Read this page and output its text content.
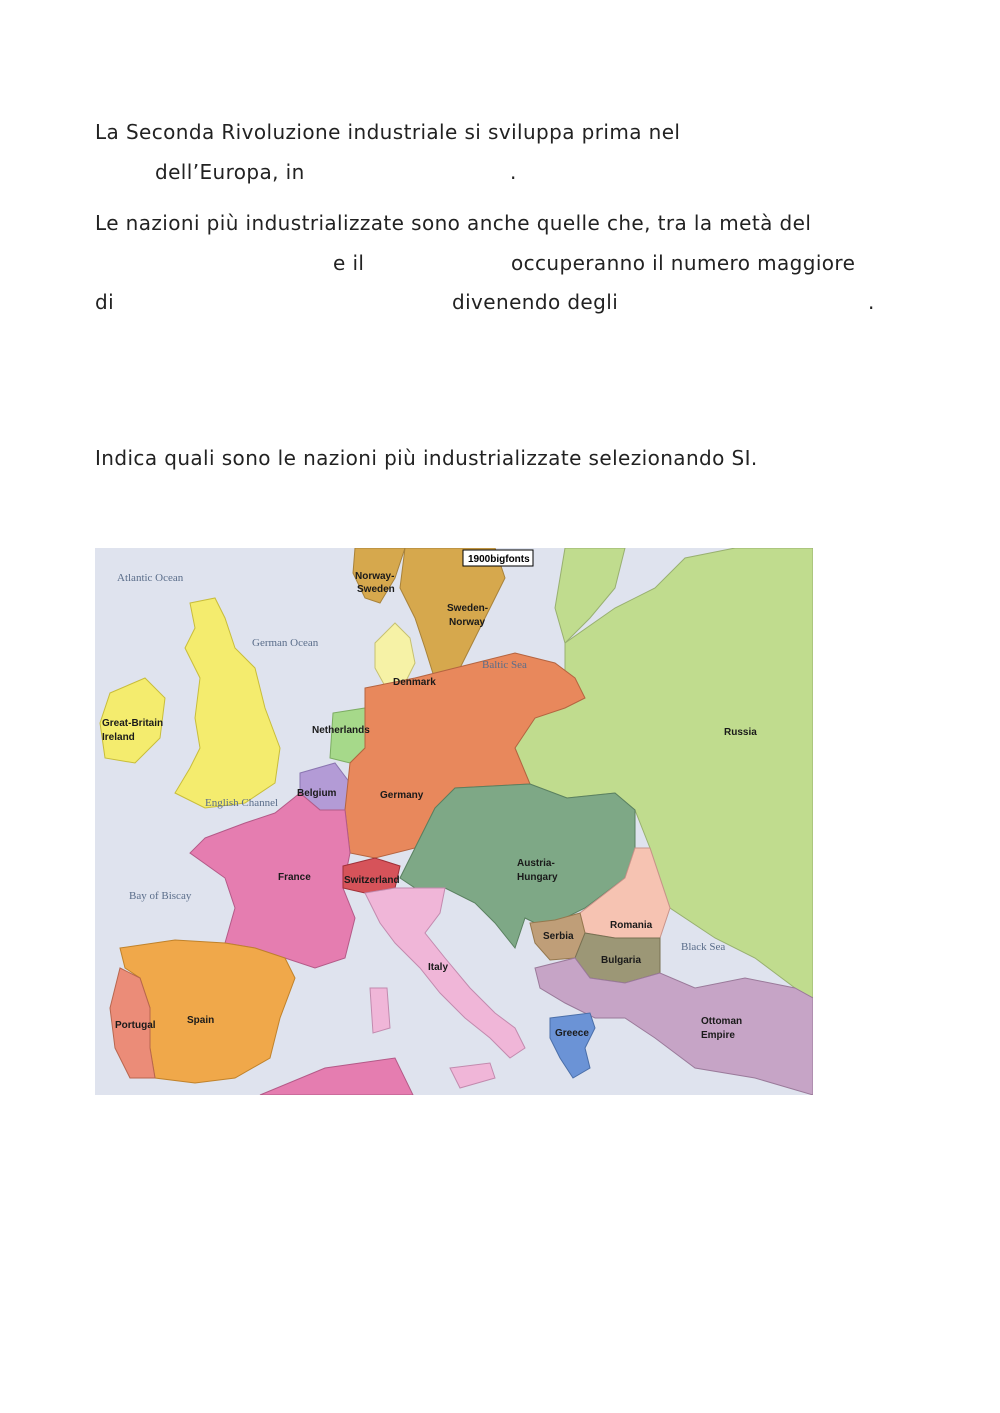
La Seconda Rivoluzione industriale si sviluppa prima nel
dell’Europa, in	.
Le nazioni più industrializzate sono anche quelle che, tra la metà del
e il	occuperanno il numero maggiore
di	divenendo degli	.
Indica quali sono le nazioni più industrializzate selezionando SI.
1900bigfonts
Atlantic Ocean
German Ocean
Baltic Sea
English Channel
Bay of Biscay
Black Sea
Norway-
Sweden
Sweden-
Norway
Denmark
Netherlands
Great-Britain
Ireland
Belgium	Germany
Russia
France	Switzerland
Austria-
Hungary
Romania
Serbia
Bulgaria
Italy
Portugal	Spain
Greece
Ottoman
Empire
